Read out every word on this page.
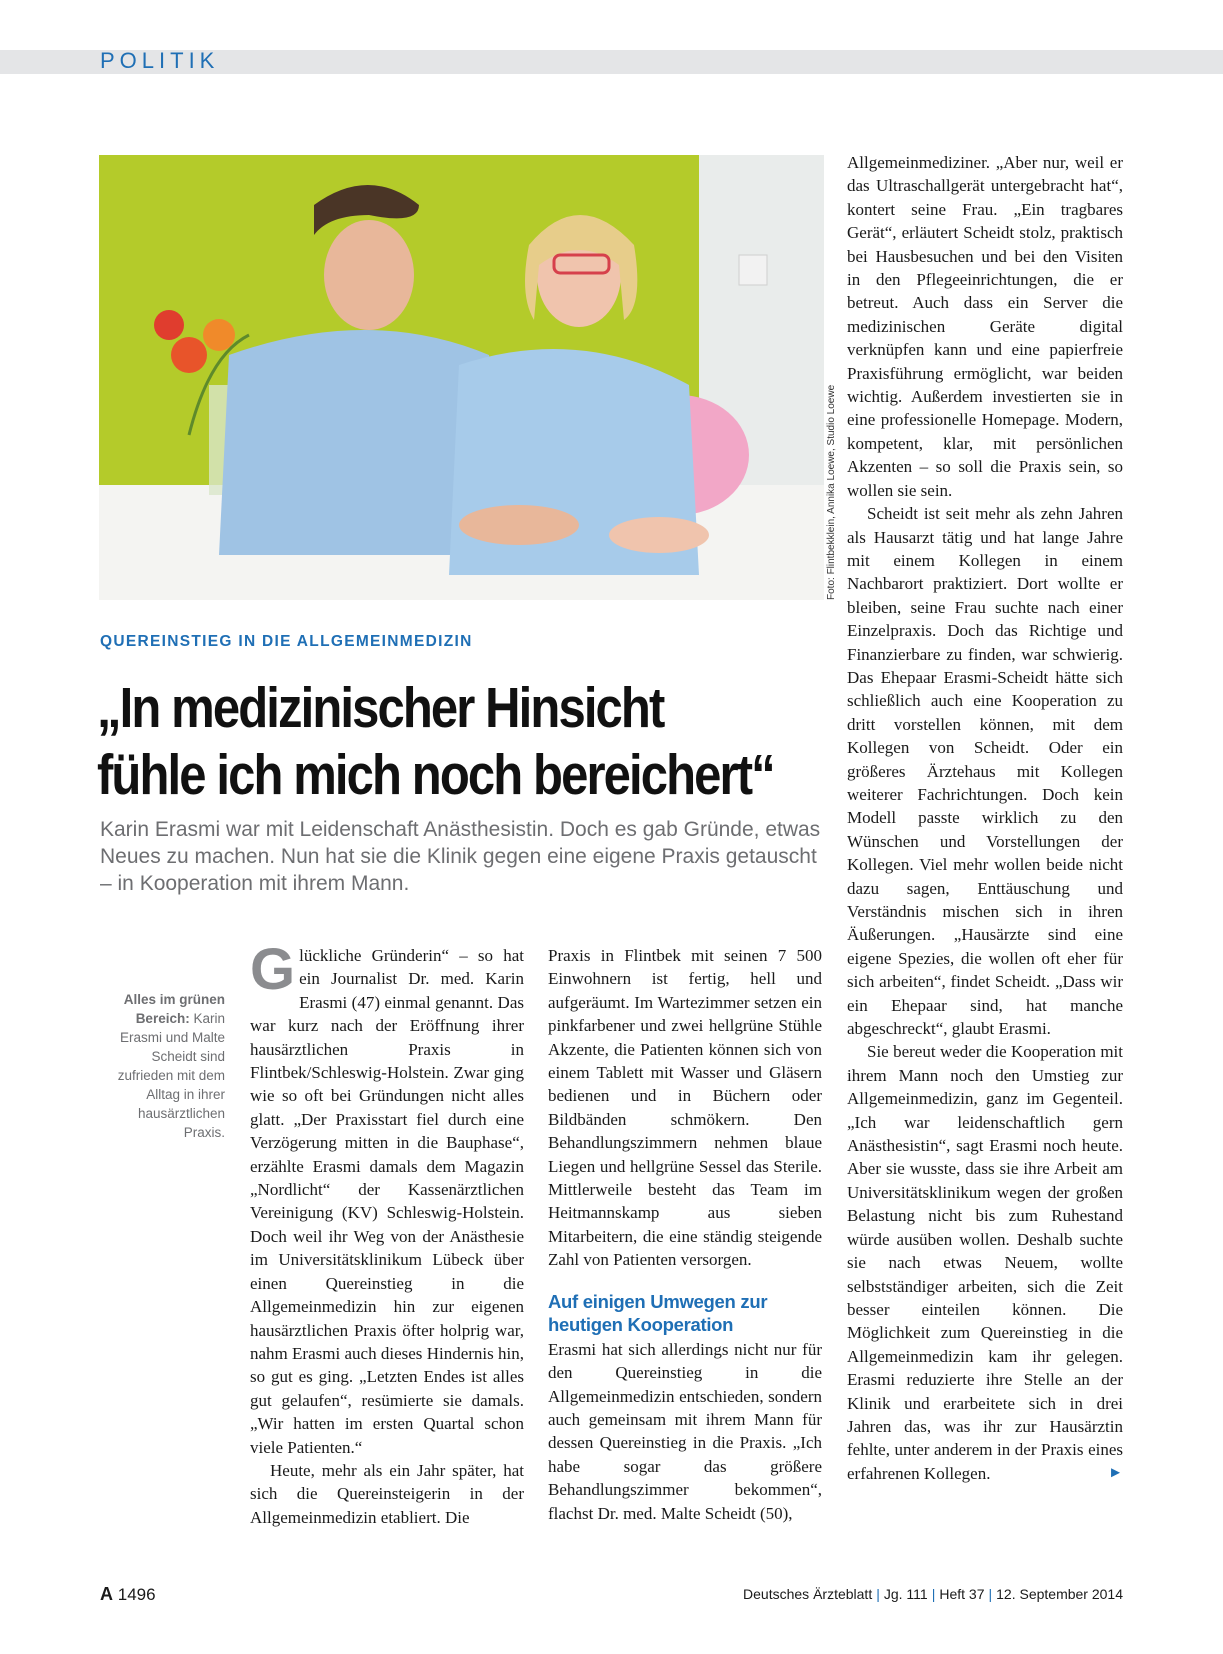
POLITIK
Foto: Flintbekklein, Annika Loewe, Studio Loewe
QUEREINSTIEG IN DIE ALLGEMEINMEDIZIN
„In medizinischer Hinsicht
fühle ich mich noch bereichert“
Karin Erasmi war mit Leidenschaft Anästhesistin. Doch es gab Gründe, etwas Neues zu machen. Nun hat sie die Klinik gegen eine eigene Praxis getauscht – in Kooperation mit ihrem Mann.
Alles im grünen Bereich: Karin Erasmi und Malte Scheidt sind zufrieden mit dem Alltag in ihrer hausärztlichen Praxis.

Glückliche Gründerin“ – so hat ein Journalist Dr. med. Karin Erasmi (47) einmal genannt. Das war kurz nach der Eröffnung ihrer hausärztlichen Praxis in Flintbek/Schleswig-Holstein. Zwar ging wie so oft bei Gründungen nicht alles glatt. „Der Praxisstart fiel durch eine Verzögerung mitten in die Bauphase“, erzählte Erasmi damals dem Magazin „Nordlicht“ der Kassenärztlichen Vereinigung (KV) Schleswig-Holstein. Doch weil ihr Weg von der Anästhesie im Universitätsklinikum Lübeck über einen Quereinstieg in die Allgemeinmedizin hin zur eigenen hausärztlichen Praxis öfter holprig war, nahm Erasmi auch dieses Hindernis hin, so gut es ging. „Letzten Endes ist alles gut gelaufen“, resümierte sie damals. „Wir hatten im ersten Quartal schon viele Patienten.“

Heute, mehr als ein Jahr später, hat sich die Quereinsteigerin in der Allgemeinmedizin etabliert. Die

Praxis in Flintbek mit seinen 7 500 Einwohnern ist fertig, hell und aufgeräumt. Im Wartezimmer setzen ein pinkfarbener und zwei hellgrüne Stühle Akzente, die Patienten können sich von einem Tablett mit Wasser und Gläsern bedienen und in Büchern oder Bildbänden schmökern. Den Behandlungszimmern nehmen blaue Liegen und hellgrüne Sessel das Sterile. Mittlerweile besteht das Team im Heitmannskamp aus sieben Mitarbeitern, die eine ständig steigende Zahl von Patienten versorgen.

Auf einigen Umwegen zur heutigen Kooperation

Erasmi hat sich allerdings nicht nur für den Quereinstieg in die Allgemeinmedizin entschieden, sondern auch gemeinsam mit ihrem Mann für dessen Quereinstieg in die Praxis. „Ich habe sogar das größere Behandlungszimmer bekommen“, flachst Dr. med. Malte Scheidt (50),

Allgemeinmediziner. „Aber nur, weil er das Ultraschallgerät untergebracht hat“, kontert seine Frau. „Ein tragbares Gerät“, erläutert Scheidt stolz, praktisch bei Hausbesuchen und bei den Visiten in den Pflegeeinrichtungen, die er betreut. Auch dass ein Server die medizinischen Geräte digital verknüpfen kann und eine papierfreie Praxisführung ermöglicht, war beiden wichtig. Außerdem investierten sie in eine professionelle Homepage. Modern, kompetent, klar, mit persönlichen Akzenten – so soll die Praxis sein, so wollen sie sein.

Scheidt ist seit mehr als zehn Jahren als Hausarzt tätig und hat lange Jahre mit einem Kollegen in einem Nachbarort praktiziert. Dort wollte er bleiben, seine Frau suchte nach einer Einzelpraxis. Doch das Richtige und Finanzierbare zu finden, war schwierig. Das Ehepaar Erasmi-Scheidt hätte sich schließlich auch eine Kooperation zu dritt vorstellen können, mit dem Kollegen von Scheidt. Oder ein größeres Ärztehaus mit Kollegen weiterer Fachrichtungen. Doch kein Modell passte wirklich zu den Wünschen und Vorstellungen der Kollegen. Viel mehr wollen beide nicht dazu sagen, Enttäuschung und Verständnis mischen sich in ihren Äußerungen. „Hausärzte sind eine eigene Spezies, die wollen oft eher für sich arbeiten“, findet Scheidt. „Dass wir ein Ehepaar sind, hat manche abgeschreckt“, glaubt Erasmi.

Sie bereut weder die Kooperation mit ihrem Mann noch den Umstieg zur Allgemeinmedizin, ganz im Gegenteil. „Ich war leidenschaftlich gern Anästhesistin“, sagt Erasmi noch heute. Aber sie wusste, dass sie ihre Arbeit am Universitätsklinikum wegen der großen Belastung nicht bis zum Ruhestand würde ausüben wollen. Deshalb suchte sie nach etwas Neuem, wollte selbstständiger arbeiten, sich die Zeit besser einteilen können. Die Möglichkeit zum Quereinstieg in die Allgemeinmedizin kam ihr gelegen. Erasmi reduzierte ihre Stelle an der Klinik und erarbeitete sich in drei Jahren das, was ihr zur Hausärztin fehlte, unter anderem in der Praxis eines erfahrenen Kollegen.	►

A 1496	Deutsches Ärzteblatt | Jg. 111 | Heft 37 | 12. September 2014
